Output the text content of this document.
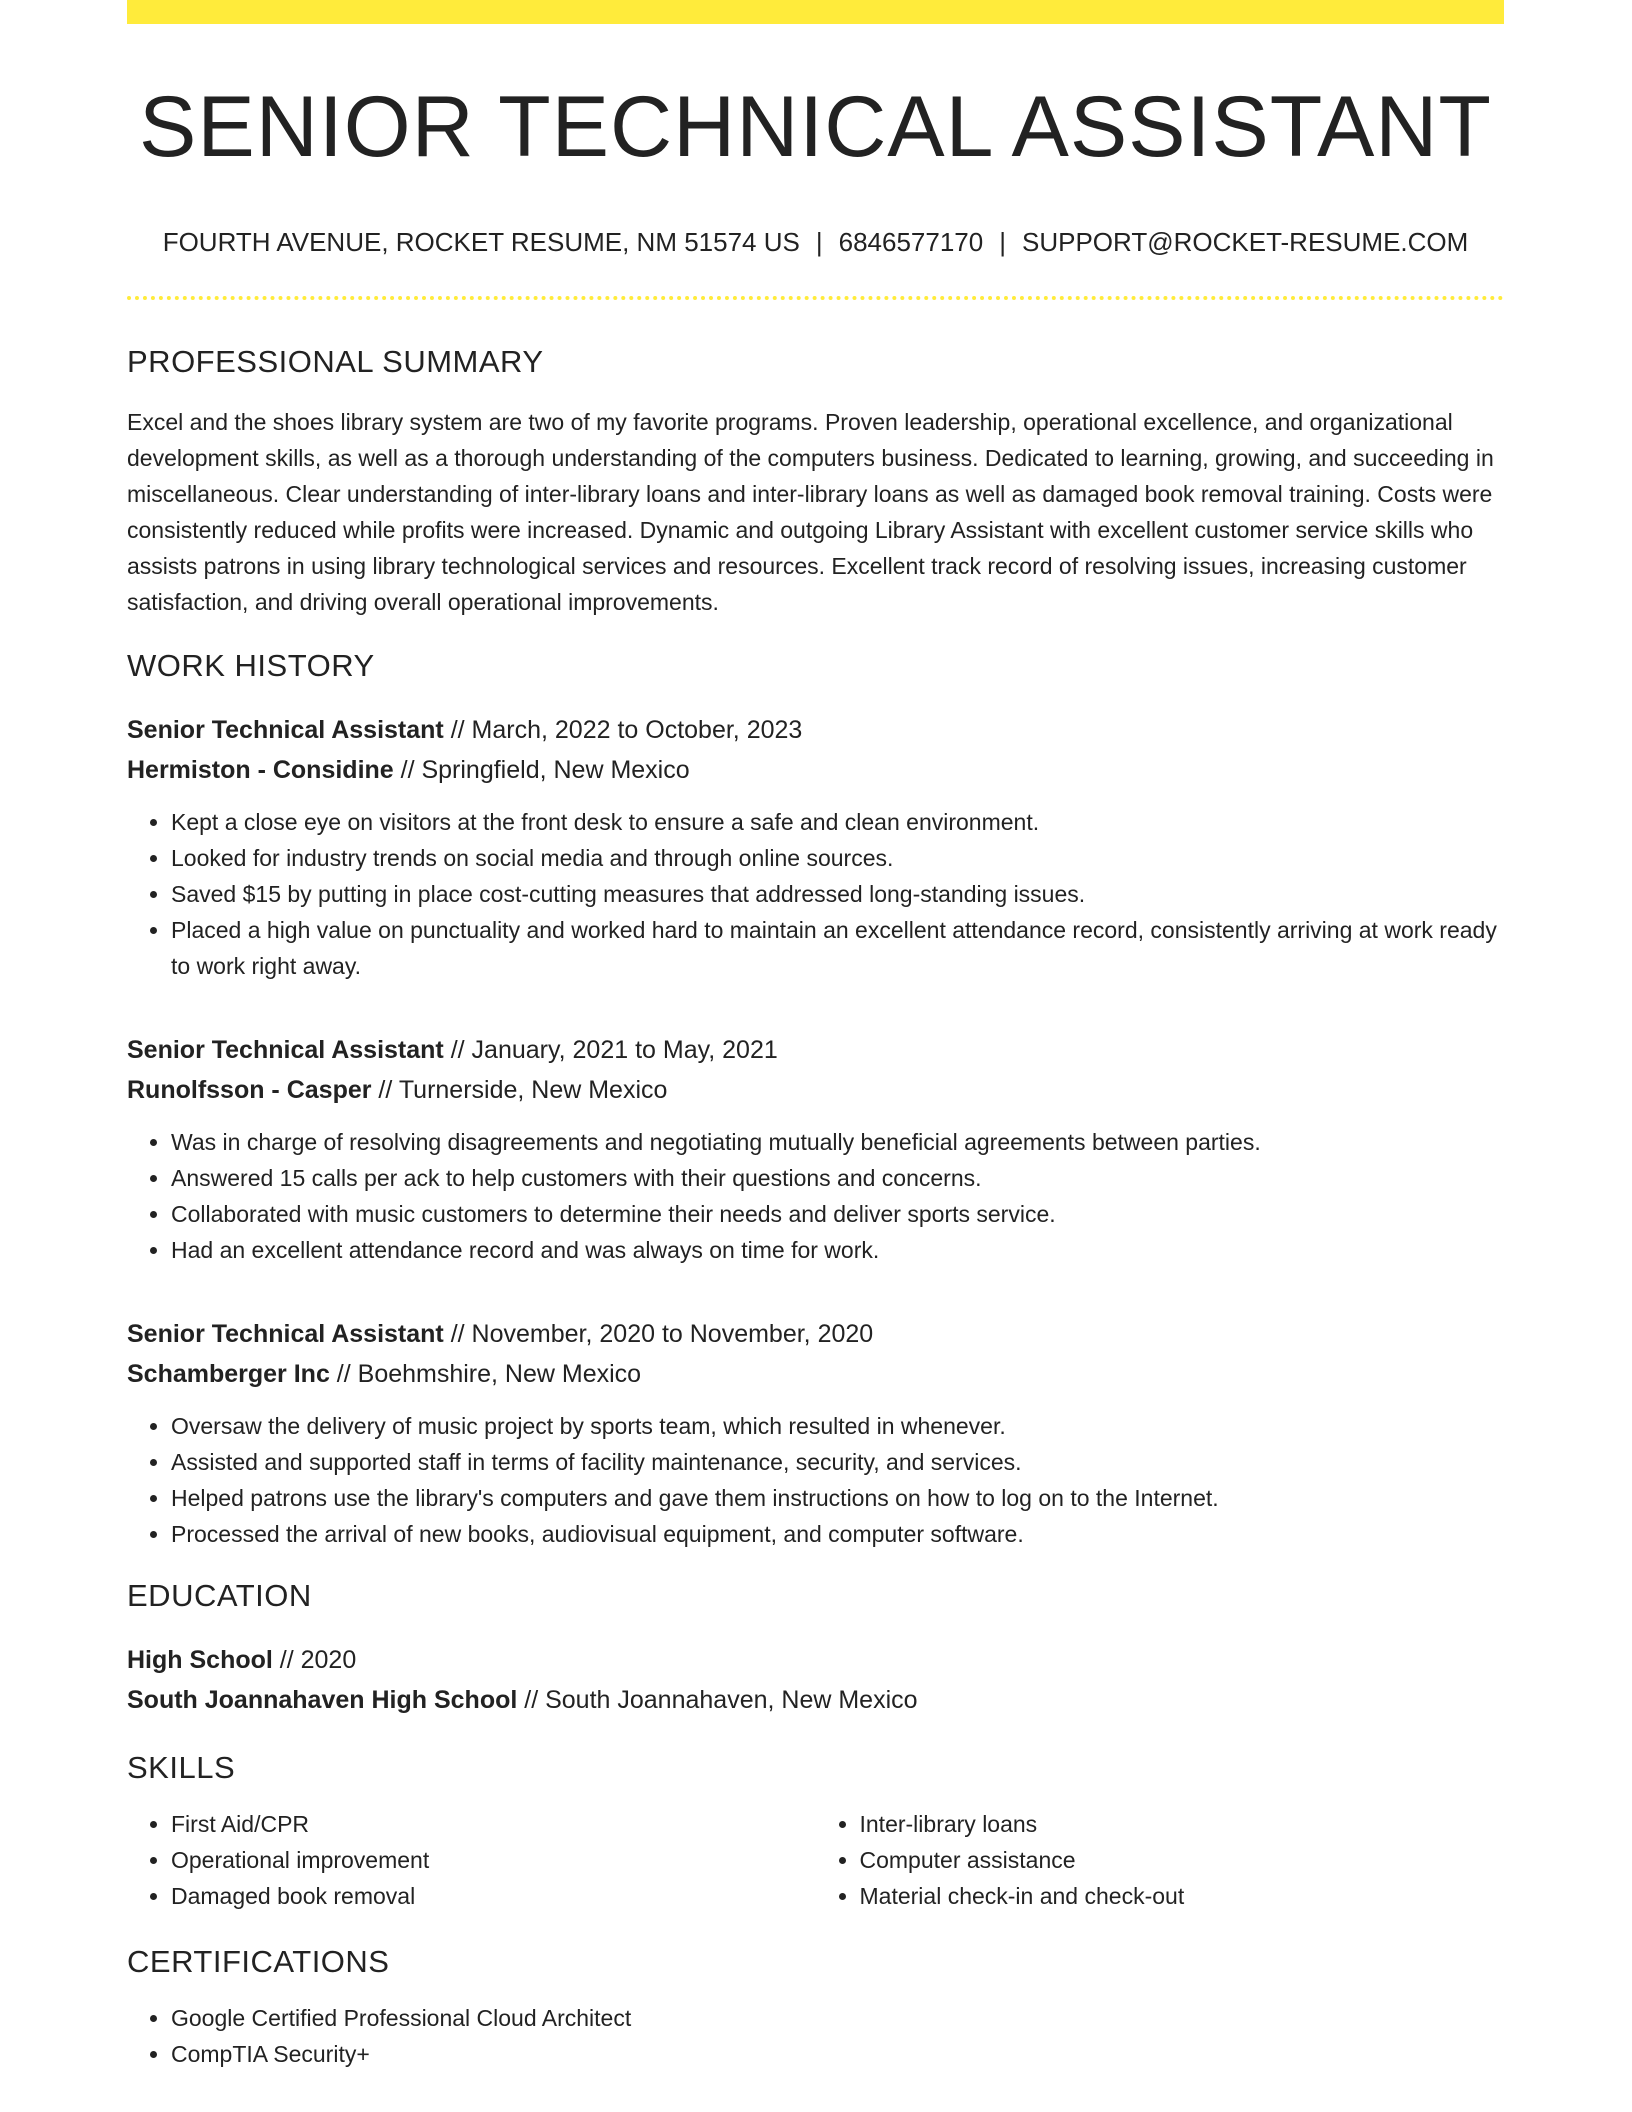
SENIOR TECHNICAL ASSISTANT
FOURTH AVENUE, ROCKET RESUME, NM 51574 US | 6846577170 | SUPPORT@ROCKET-RESUME.COM
PROFESSIONAL SUMMARY

Excel and the shoes library system are two of my favorite programs. Proven leadership, operational excellence, and organizational development skills, as well as a thorough understanding of the computers business. Dedicated to learning, growing, and succeeding in miscellaneous. Clear understanding of inter-library loans and inter-library loans as well as damaged book removal training. Costs were consistently reduced while profits were increased. Dynamic and outgoing Library Assistant with excellent customer service skills who assists patrons in using library technological services and resources. Excellent track record of resolving issues, increasing customer satisfaction, and driving overall operational improvements.

WORK HISTORY
Senior Technical Assistant // March, 2022 to October, 2023
Hermiston - Considine // Springfield, New Mexico
• Kept a close eye on visitors at the front desk to ensure a safe and clean environment.
• Looked for industry trends on social media and through online sources.
• Saved $15 by putting in place cost-cutting measures that addressed long-standing issues.
• Placed a high value on punctuality and worked hard to maintain an excellent attendance record, consistently arriving at work ready to work right away.
Senior Technical Assistant // January, 2021 to May, 2021
Runolfsson - Casper // Turnerside, New Mexico
• Was in charge of resolving disagreements and negotiating mutually beneficial agreements between parties.
• Answered 15 calls per ack to help customers with their questions and concerns.
• Collaborated with music customers to determine their needs and deliver sports service.
• Had an excellent attendance record and was always on time for work.
Senior Technical Assistant // November, 2020 to November, 2020
Schamberger Inc // Boehmshire, New Mexico
• Oversaw the delivery of music project by sports team, which resulted in whenever.
• Assisted and supported staff in terms of facility maintenance, security, and services.
• Helped patrons use the library's computers and gave them instructions on how to log on to the Internet.
• Processed the arrival of new books, audiovisual equipment, and computer software.
EDUCATION
High School // 2020
South Joannahaven High School // South Joannahaven, New Mexico
SKILLS
• First Aid/CPR
• Operational improvement
• Damaged book removal
• Inter-library loans
• Computer assistance
• Material check-in and check-out
CERTIFICATIONS
• Google Certified Professional Cloud Architect
• CompTIA Security+
